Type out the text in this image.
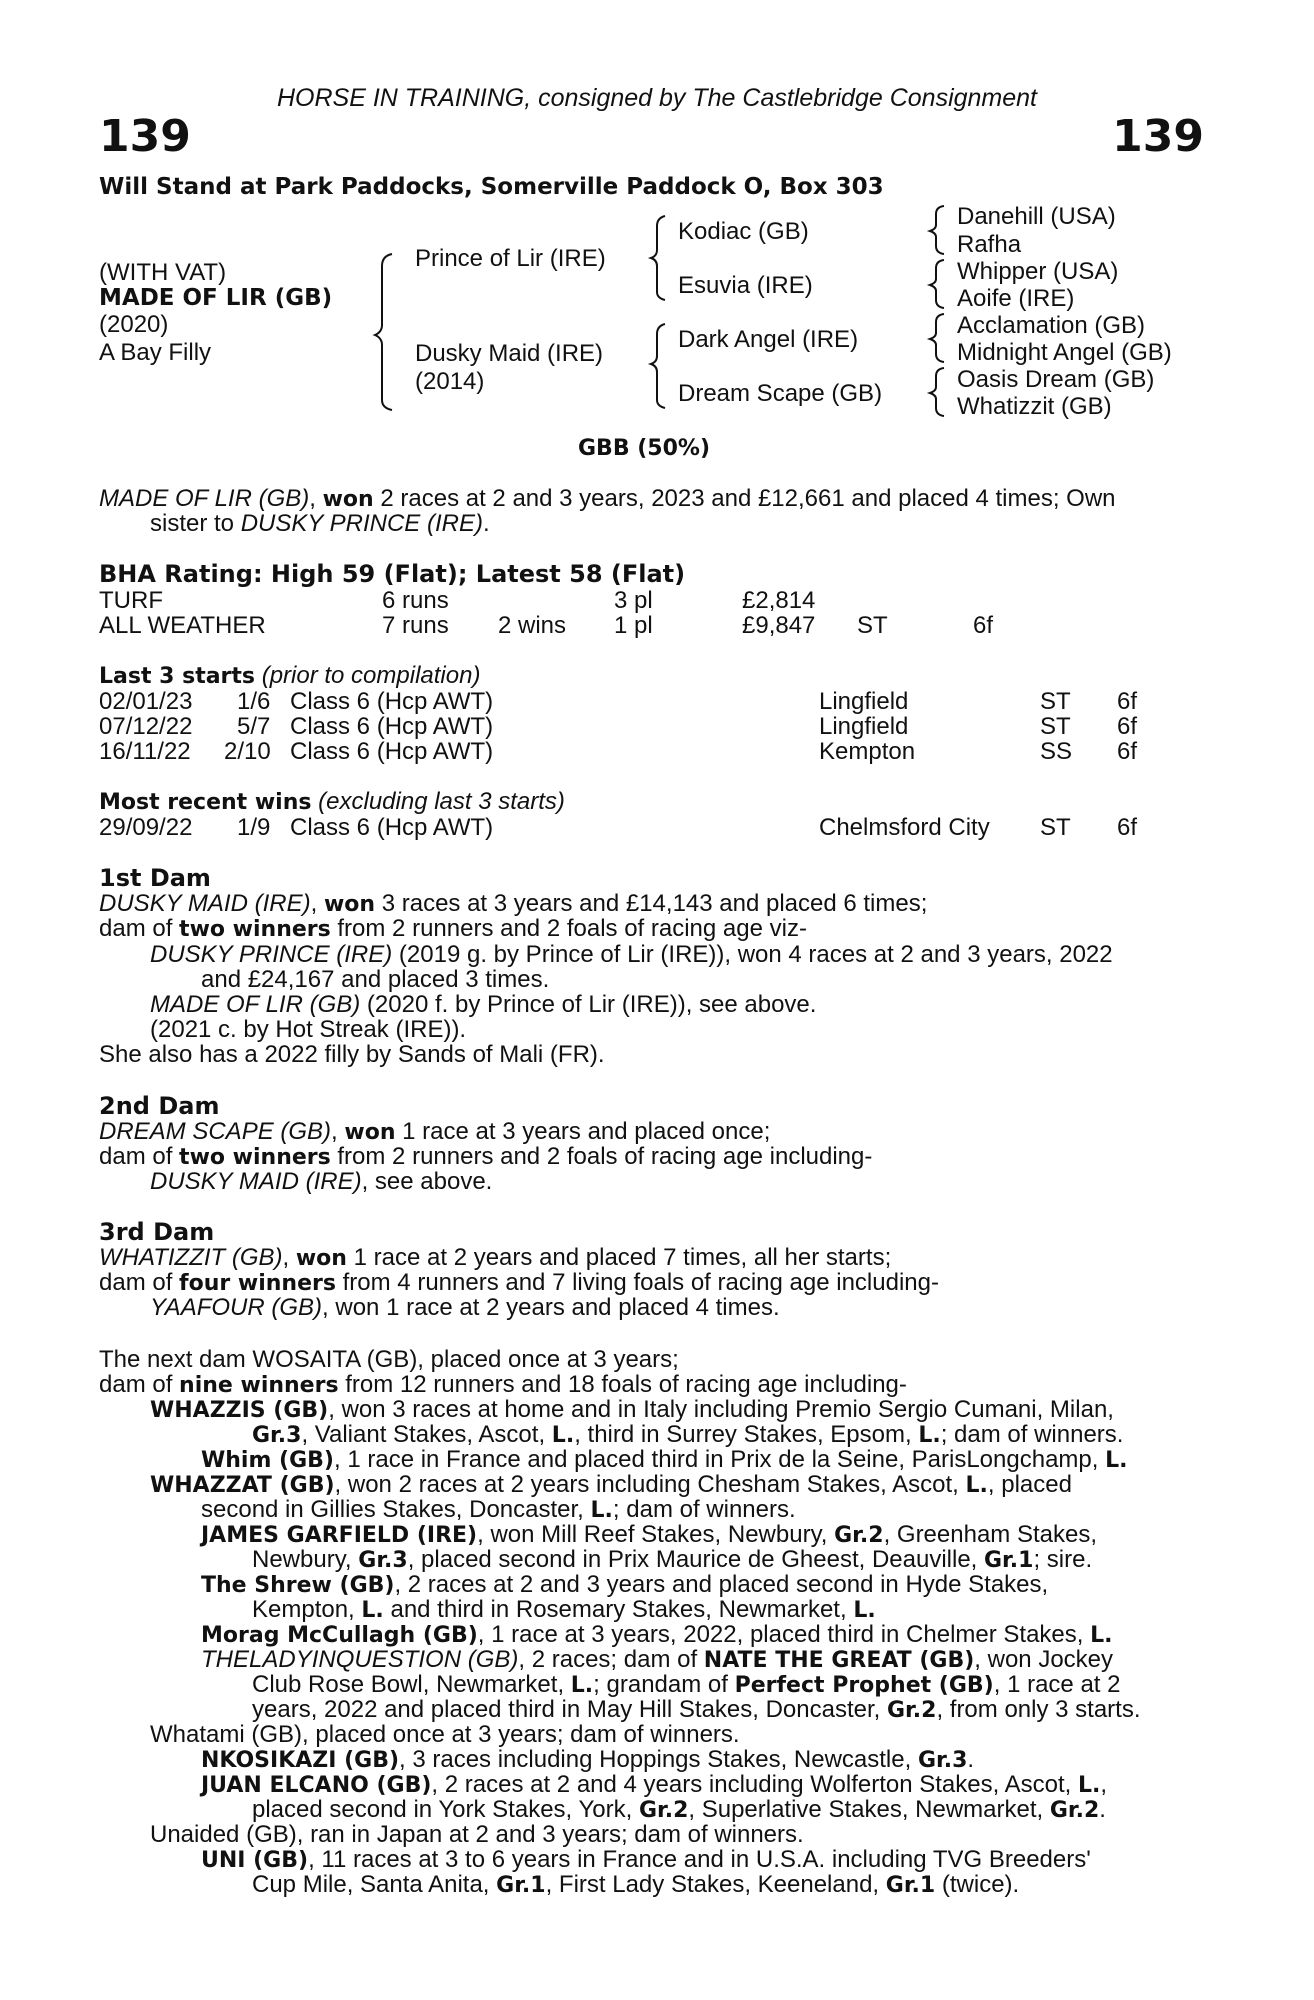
HORSE IN TRAINING, consigned by The Castlebridge Consignment
139	139
Will Stand at Park Paddocks, Somerville Paddock O, Box 303
(WITH VAT)
MADE OF LIR (GB)
(2020)
A Bay Filly
Prince of Lir (IRE)
Dusky Maid (IRE)
(2014)
Kodiac (GB)
Esuvia (IRE)
Dark Angel (IRE)
Dream Scape (GB)
Danehill (USA)
Rafha
Whipper (USA)
Aoife (IRE)
Acclamation (GB)
Midnight Angel (GB)
Oasis Dream (GB)
Whatizzit (GB)
GBB (50%)
MADE OF LIR (GB), won 2 races at 2 and 3 years, 2023 and £12,661 and placed 4 times; Own
sister to DUSKY PRINCE (IRE).
BHA Rating: High 59 (Flat); Latest 58 (Flat)
TURF	6 runs	3 pl	£2,814
ALL WEATHER	7 runs 2 wins 1 pl	£9,847 ST	6f
Last 3 starts (prior to compilation)
02/01/23 1/6 Class 6 (Hcp AWT)	Lingfield	ST 6f
07/12/22 5/7 Class 6 (Hcp AWT)	Lingfield	ST 6f
16/11/22 2/10 Class 6 (Hcp AWT)	Kempton	SS 6f
Most recent wins (excluding last 3 starts)
29/09/22 1/9 Class 6 (Hcp AWT)	Chelmsford City ST 6f
1st Dam
DUSKY MAID (IRE), won 3 races at 3 years and £14,143 and placed 6 times;
dam of two winners from 2 runners and 2 foals of racing age viz-
DUSKY PRINCE (IRE) (2019 g. by Prince of Lir (IRE)), won 4 races at 2 and 3 years, 2022
and £24,167 and placed 3 times.
MADE OF LIR (GB) (2020 f. by Prince of Lir (IRE)), see above.
(2021 c. by Hot Streak (IRE)).
She also has a 2022 filly by Sands of Mali (FR).
2nd Dam
DREAM SCAPE (GB), won 1 race at 3 years and placed once;
dam of two winners from 2 runners and 2 foals of racing age including-
DUSKY MAID (IRE), see above.
3rd Dam
WHATIZZIT (GB), won 1 race at 2 years and placed 7 times, all her starts;
dam of four winners from 4 runners and 7 living foals of racing age including-
YAAFOUR (GB), won 1 race at 2 years and placed 4 times.
The next dam WOSAITA (GB), placed once at 3 years;
dam of nine winners from 12 runners and 18 foals of racing age including-
WHAZZIS (GB), won 3 races at home and in Italy including Premio Sergio Cumani, Milan,
Gr.3, Valiant Stakes, Ascot, L., third in Surrey Stakes, Epsom, L.; dam of winners.
Whim (GB), 1 race in France and placed third in Prix de la Seine, ParisLongchamp, L.
WHAZZAT (GB), won 2 races at 2 years including Chesham Stakes, Ascot, L., placed
second in Gillies Stakes, Doncaster, L.; dam of winners.
JAMES GARFIELD (IRE), won Mill Reef Stakes, Newbury, Gr.2, Greenham Stakes,
Newbury, Gr.3, placed second in Prix Maurice de Gheest, Deauville, Gr.1; sire.
The Shrew (GB), 2 races at 2 and 3 years and placed second in Hyde Stakes,
Kempton, L. and third in Rosemary Stakes, Newmarket, L.
Morag McCullagh (GB), 1 race at 3 years, 2022, placed third in Chelmer Stakes, L.
THELADYINQUESTION (GB), 2 races; dam of NATE THE GREAT (GB), won Jockey
Club Rose Bowl, Newmarket, L.; grandam of Perfect Prophet (GB), 1 race at 2
years, 2022 and placed third in May Hill Stakes, Doncaster, Gr.2, from only 3 starts.
Whatami (GB), placed once at 3 years; dam of winners.
NKOSIKAZI (GB), 3 races including Hoppings Stakes, Newcastle, Gr.3.
JUAN ELCANO (GB), 2 races at 2 and 4 years including Wolferton Stakes, Ascot, L.,
placed second in York Stakes, York, Gr.2, Superlative Stakes, Newmarket, Gr.2.
Unaided (GB), ran in Japan at 2 and 3 years; dam of winners.
UNI (GB), 11 races at 3 to 6 years in France and in U.S.A. including TVG Breeders'
Cup Mile, Santa Anita, Gr.1, First Lady Stakes, Keeneland, Gr.1 (twice).
